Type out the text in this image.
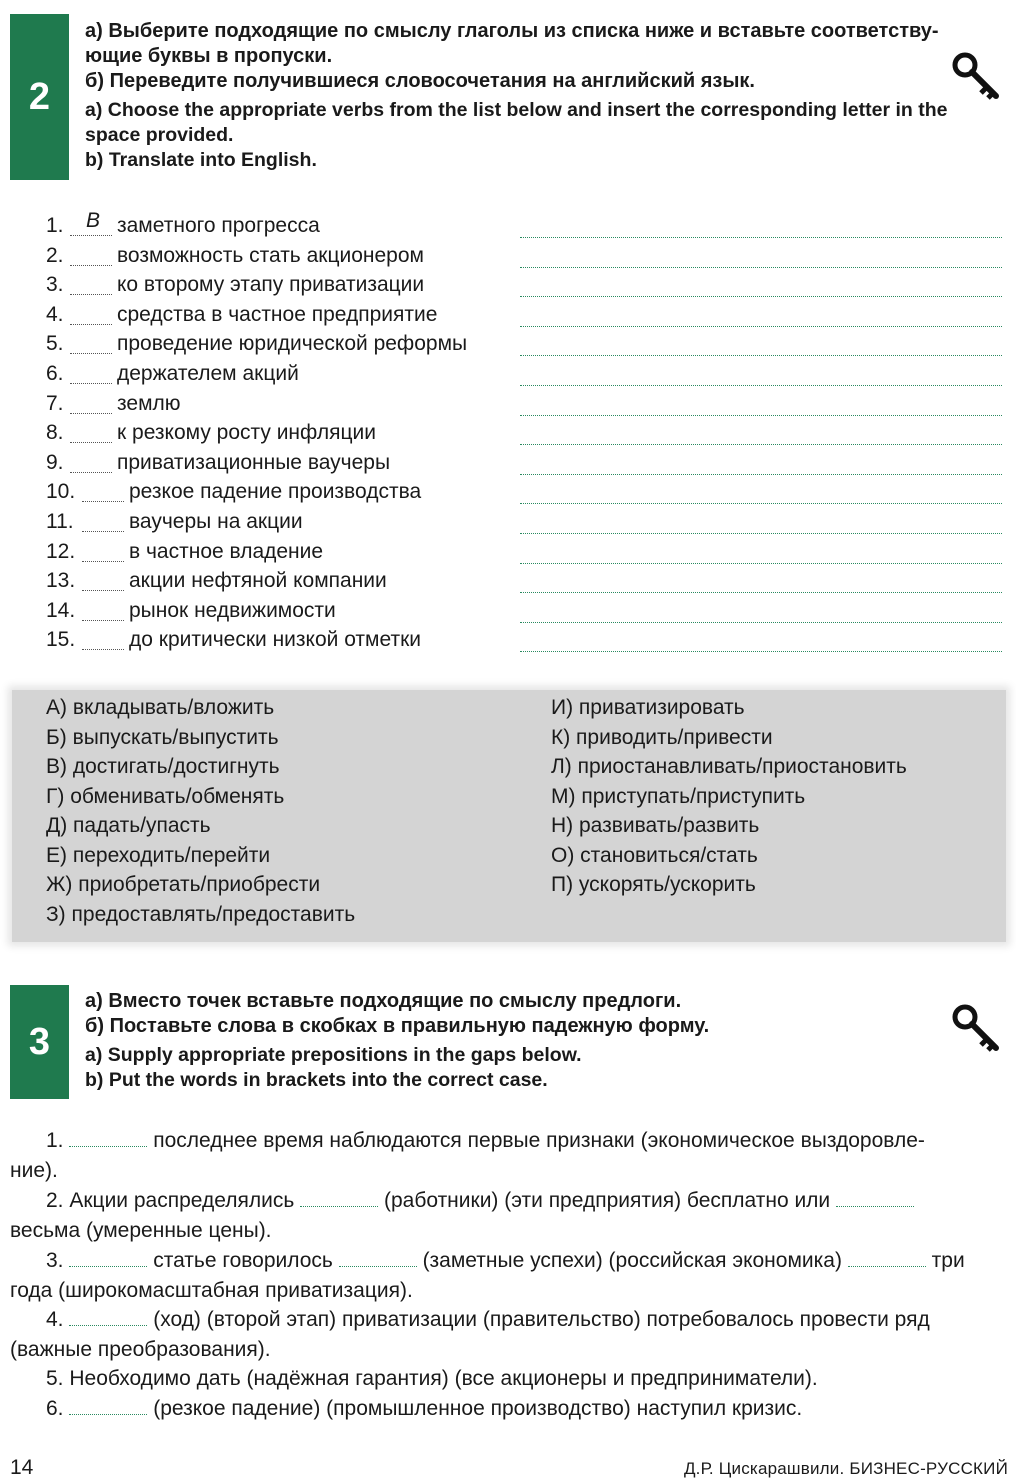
2
а) Выберите подходящие по смыслу глаголы из списка ниже и вставьте соответству-
ющие буквы в пропуски.
б) Переведите получившиеся словосочетания на английский язык.
a) Choose the appropriate verbs from the list below and insert the corresponding letter in the
space provided.
b) Translate into English.
1. В заметного прогресса
2.	возможность стать акционером
3.	ко второму этапу приватизации
4.	средства в частное предприятие
5.	проведение юридической реформы
6.	держателем акций
7.	землю
8.	к резкому росту инфляции
9.	приватизационные ваучеры
10.	резкое падение производства
11.	ваучеры на акции
12.	в частное владение
13.	акции нефтяной компании
14.	рынок недвижимости
15.	до критически низкой отметки
А) вкладывать/вложить
Б) выпускать/выпустить
В) достигать/достигнуть
Г) обменивать/обменять
Д) падать/упасть
Е) переходить/перейти
Ж) приобретать/приобрести
З) предоставлять/предоставить
И) приватизировать
К) приводить/привести
Л) приостанавливать/приостановить
М) приступать/приступить
Н) развивать/развить
О) становиться/стать
П) ускорять/ускорить
3
а) Вместо точек вставьте подходящие по смыслу предлоги.
б) Поставьте слова в скобках в правильную падежную форму.
a) Supply appropriate prepositions in the gaps below.
b) Put the words in brackets into the correct case.
1.	последнее время наблюдаются первые признаки (экономическое выздоровле-
ние).
2. Акции распределялись	(работники) (эти предприятия) бесплатно или
весьма (умеренные цены).
3.	статье говорилось	(заметные успехи) (российская экономика)	три
года (широкомасштабная приватизация).
4.	(ход) (второй этап) приватизации (правительство) потребовалось провести ряд
(важные преобразования).
5. Необходимо дать (надёжная гарантия) (все акционеры и предприниматели).
6.	(резкое падение) (промышленное производство) наступил кризис.
14	Д.Р. Цискарашвили. БИЗНЕС-РУССКИЙ
